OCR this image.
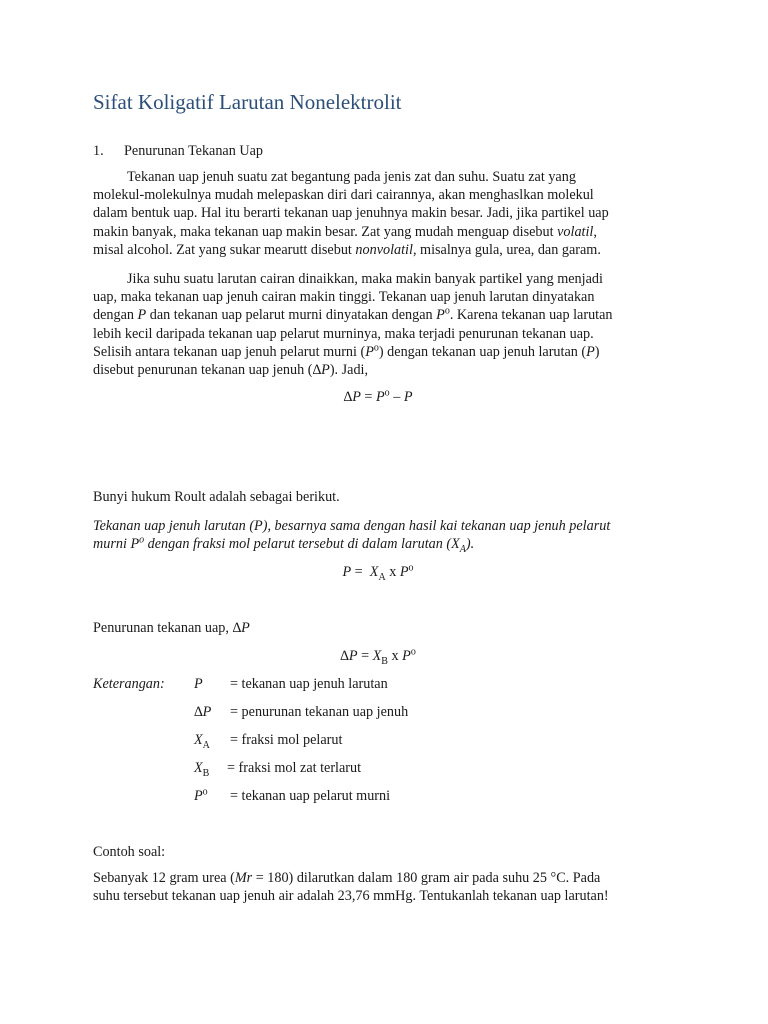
Sifat Koligatif Larutan Nonelektrolit
1. Penurunan Tekanan Uap
Tekanan uap jenuh suatu zat begantung pada jenis zat dan suhu. Suatu zat yang
molekul-molekulnya mudah melepaskan diri dari cairannya, akan menghaslkan molekul
dalam bentuk uap. Hal itu berarti tekanan uap jenuhnya makin besar. Jadi, jika partikel uap
makin banyak, maka tekanan uap makin besar. Zat yang mudah menguap disebut volatil,
misal alcohol. Zat yang sukar mearutt disebut nonvolatil, misalnya gula, urea, dan garam.
Jika suhu suatu larutan cairan dinaikkan, maka makin banyak partikel yang menjadi
uap, maka tekanan uap jenuh cairan makin tinggi. Tekanan uap jenuh larutan dinyatakan
dengan P dan tekanan uap pelarut murni dinyatakan dengan $P^o$. Karena tekanan uap larutan
lebih kecil daripada tekanan uap pelarut murninya, maka terjadi penurunan tekanan uap.
Selisih antara tekanan uap jenuh pelarut murni $(P^o)$ dengan tekanan uap jenuh larutan (P)
disebut penurunan tekanan uap jenuh (∆P). Jadi,
$\Delta P = P^o - P$
Bunyi hukum Roult adalah sebagai berikut.
Tekanan uap jenuh larutan (P), besarnya sama dengan hasil kai tekanan uap jenuh pelarut
murni $P^o$ dengan fraksi mol pelarut tersebut di dalam larutan $(X_A)$.
$P = X_A$ x $P^o$
Penurunan tekanan uap, ∆P
$\Delta P = X_B$ x $P^o$
Keterangan: P = tekanan uap jenuh larutan
∆P = penurunan tekanan uap jenuh
$X_A$ = fraksi mol pelarut
$X_B$ = fraksi mol zat terlarut
$P^o$ = tekanan uap pelarut murni
Contoh soal:
Sebanyak 12 gram urea (Mr = 180) dilarutkan dalam 180 gram air pada suhu 25 °C. Pada
suhu tersebut tekanan uap jenuh air adalah 23,76 mmHg. Tentukanlah tekanan uap larutan!
